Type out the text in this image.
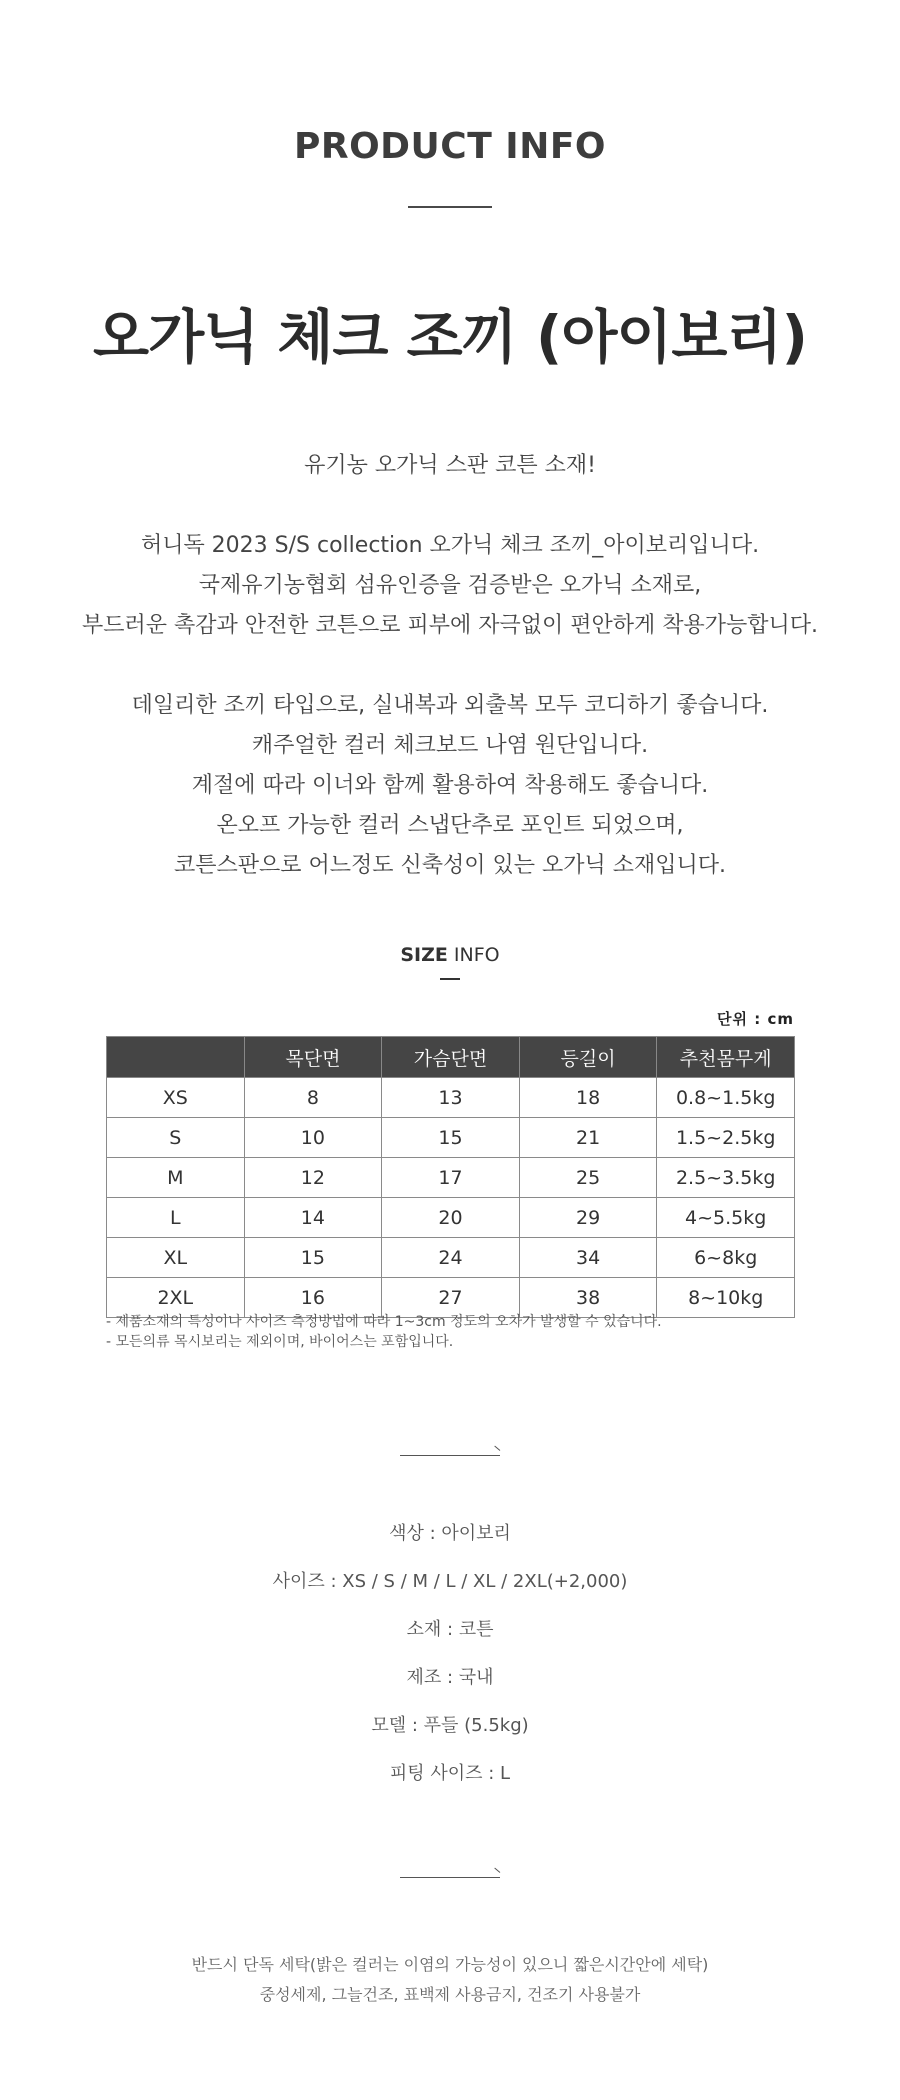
PRODUCT INFO
오가닉 체크 조끼 (아이보리)

유기농 오가닉 스판 코튼 소재!

허니독 2023 S/S collection 오가닉 체크 조끼_아이보리입니다.

국제유기농협회 섬유인증을 검증받은 오가닉 소재로,

부드러운 촉감과 안전한 코튼으로 피부에 자극없이 편안하게 착용가능합니다.

데일리한 조끼 타입으로, 실내복과 외출복 모두 코디하기 좋습니다.

캐주얼한 컬러 체크보드 나염 원단입니다.

계절에 따라 이너와 함께 활용하여 착용해도 좋습니다.

온오프 가능한 컬러 스냅단추로 포인트 되었으며,

코튼스판으로 어느정도 신축성이 있는 오가닉 소재입니다.

SIZE INFO
단위 : cm
	목단면	가슴단면	등길이	추천몸무게
XS	8	13	18	0.8~1.5kg
S	10	15	21	1.5~2.5kg
M	12	17	25	2.5~3.5kg
L	14	20	29	4~5.5kg
XL	15	24	34	6~8kg
2XL	16	27	38	8~10kg

- 제품소재의 특성이나 사이즈 측정방법에 따라 1~3cm 정도의 오차가 발생할 수 있습니다.

- 모든의류 목시보리는 제외이며, 바이어스는 포함입니다.

색상 : 아이보리

사이즈 : XS / S / M / L / XL / 2XL(+2,000)

소재 : 코튼

제조 : 국내

모델 : 푸들 (5.5kg)

피팅 사이즈 : L

반드시 단독 세탁(밝은 컬러는 이염의 가능성이 있으니 짧은시간안에 세탁)

중성세제, 그늘건조, 표백제 사용금지, 건조기 사용불가
